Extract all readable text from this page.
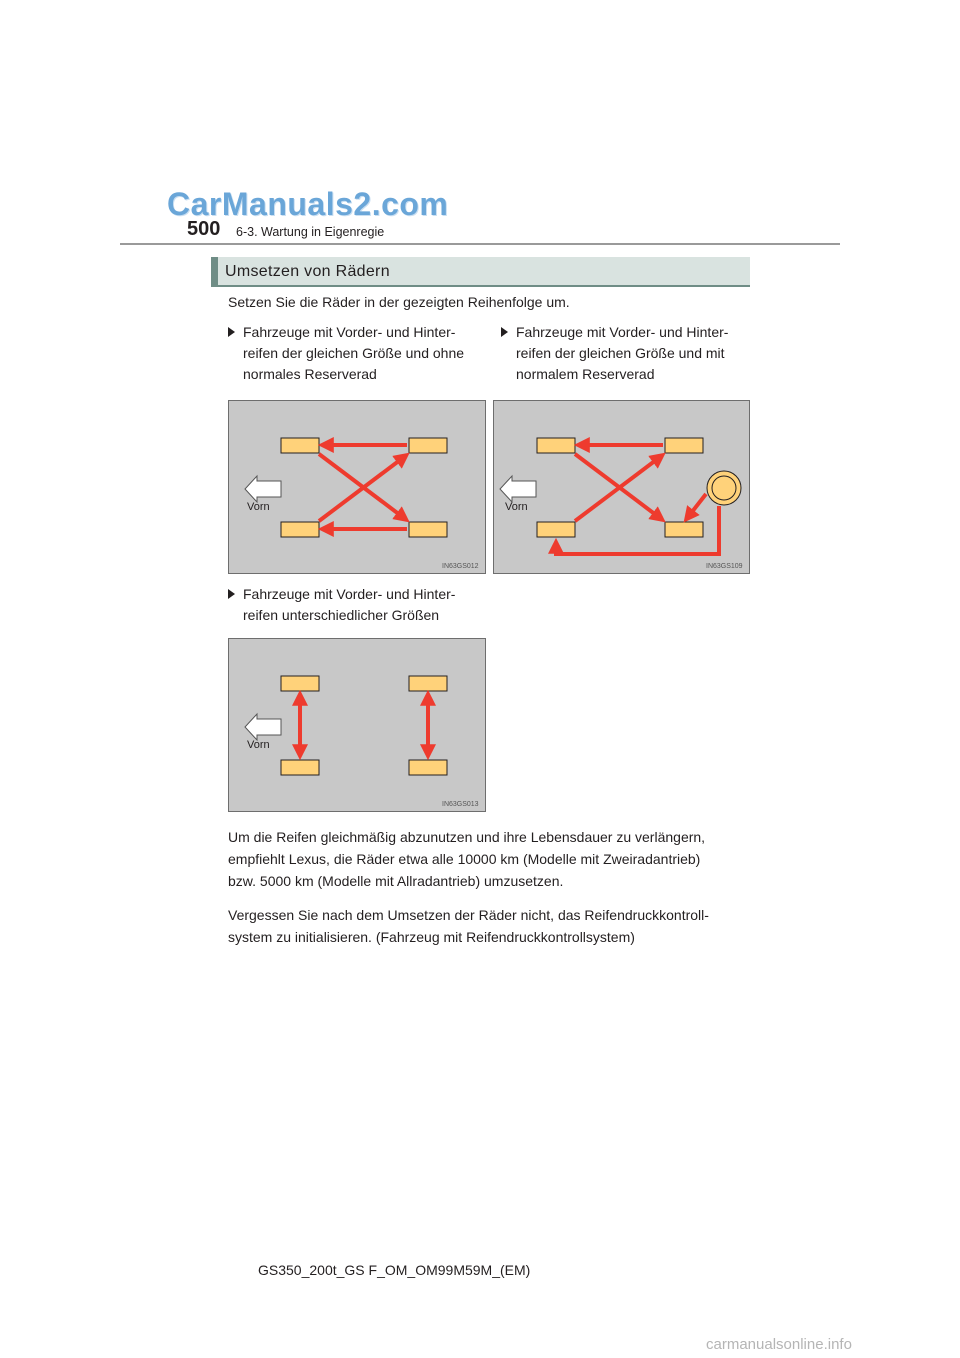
CarManuals2.com
500 6-3. Wartung in Eigenregie
Umsetzen von Rädern
Setzen Sie die Räder in der gezeigten Reihenfolge um.
Fahrzeuge mit Vorder- und Hinter-
reifen der gleichen Größe und ohne
normales Reserverad
Fahrzeuge mit Vorder- und Hinter-
reifen der gleichen Größe und mit
normalem Reserverad
Vorn
IN63GS012
Vorn
IN63GS109
Fahrzeuge mit Vorder- und Hinter-
reifen unterschiedlicher Größen
Vorn
IN63GS013
Um die Reifen gleichmäßig abzunutzen und ihre Lebensdauer zu verlängern,
empfiehlt Lexus, die Räder etwa alle 10000 km (Modelle mit Zweiradantrieb)
bzw. 5000 km (Modelle mit Allradantrieb) umzusetzen.
Vergessen Sie nach dem Umsetzen der Räder nicht, das Reifendruckkontroll-
system zu initialisieren. (Fahrzeug mit Reifendruckkontrollsystem)
GS350_200t_GS F_OM_OM99M59M_(EM)
carmanualsonline.info
